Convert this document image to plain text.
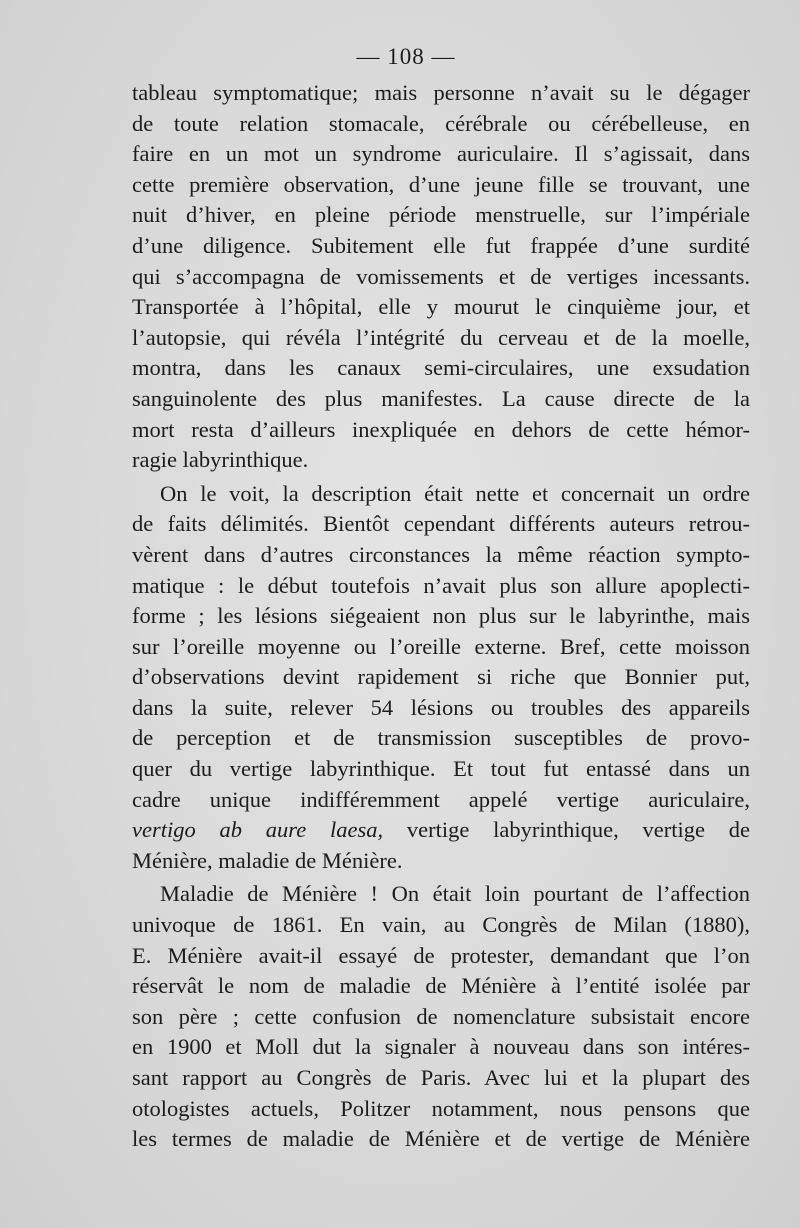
— 108 —
tableau symptomatique; mais personne n’avait su le dégager
de toute relation stomacale, cérébrale ou cérébelleuse, en
faire en un mot un syndrome auriculaire. Il s’agissait, dans
cette première observation, d’une jeune fille se trouvant, une
nuit d’hiver, en pleine période menstruelle, sur l’impériale
d’une diligence. Subitement elle fut frappée d’une surdité
qui s’accompagna de vomissements et de vertiges incessants.
Transportée à l’hôpital, elle y mourut le cinquième jour, et
l’autopsie, qui révéla l’intégrité du cerveau et de la moelle,
montra, dans les canaux semi-circulaires, une exsudation
sanguinolente des plus manifestes. La cause directe de la
mort resta d’ailleurs inexpliquée en dehors de cette hémor-
ragie labyrinthique.
On le voit, la description était nette et concernait un ordre
de faits délimités. Bientôt cependant différents auteurs retrou-
vèrent dans d’autres circonstances la même réaction sympto-
matique : le début toutefois n’avait plus son allure apoplecti-
forme ; les lésions siégeaient non plus sur le labyrinthe, mais
sur l’oreille moyenne ou l’oreille externe. Bref, cette moisson
d’observations devint rapidement si riche que Bonnier put,
dans la suite, relever 54 lésions ou troubles des appareils
de perception et de transmission susceptibles de provo-
quer du vertige labyrinthique. Et tout fut entassé dans un
cadre unique indifféremment appelé vertige auriculaire,
vertigo ab aure laesa, vertige labyrinthique, vertige de
Ménière, maladie de Ménière.
Maladie de Ménière ! On était loin pourtant de l’affection
univoque de 1861. En vain, au Congrès de Milan (1880),
E. Ménière avait-il essayé de protester, demandant que l’on
réservât le nom de maladie de Ménière à l’entité isolée par
son père ; cette confusion de nomenclature subsistait encore
en 1900 et Moll dut la signaler à nouveau dans son intéres-
sant rapport au Congrès de Paris. Avec lui et la plupart des
otologistes actuels, Politzer notamment, nous pensons que
les termes de maladie de Ménière et de vertige de Ménière
